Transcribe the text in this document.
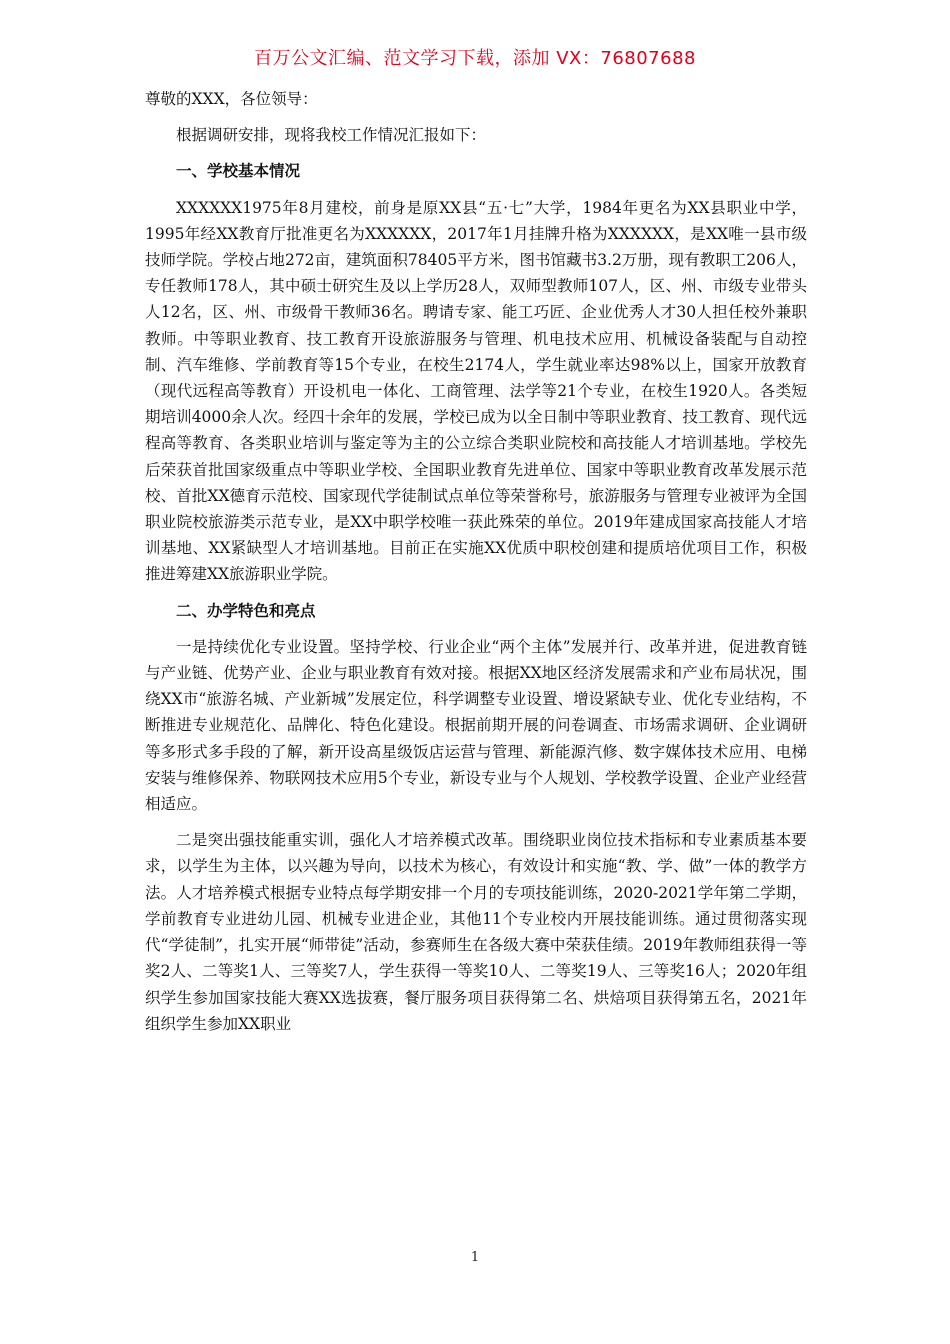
百万公文汇编、范文学习下载，添加 VX：76807688

尊敬的XXX，各位领导：

根据调研安排，现将我校工作情况汇报如下：

一、学校基本情况

XXXXXX1975年8月建校，前身是原XX县“五·七”大学，1984年更名为XX县职业中学，1995年经XX教育厅批准更名为XXXXXX，2017年1月挂牌升格为XXXXXX，是XX唯一县市级技师学院。学校占地272亩，建筑面积78405平方米，图书馆藏书3.2万册，现有教职工206人，专任教师178人，其中硕士研究生及以上学历28人，双师型教师107人，区、州、市级专业带头人12名，区、州、市级骨干教师36名。聘请专家、能工巧匠、企业优秀人才30人担任校外兼职教师。中等职业教育、技工教育开设旅游服务与管理、机电技术应用、机械设备装配与自动控制、汽车维修、学前教育等15个专业，在校生2174人，学生就业率达98%以上，国家开放教育（现代远程高等教育）开设机电一体化、工商管理、法学等21个专业，在校生1920人。各类短期培训4000余人次。经四十余年的发展，学校已成为以全日制中等职业教育、技工教育、现代远程高等教育、各类职业培训与鉴定等为主的公立综合类职业院校和高技能人才培训基地。学校先后荣获首批国家级重点中等职业学校、全国职业教育先进单位、国家中等职业教育改革发展示范校、首批XX德育示范校、国家现代学徒制试点单位等荣誉称号，旅游服务与管理专业被评为全国职业院校旅游类示范专业，是XX中职学校唯一获此殊荣的单位。2019年建成国家高技能人才培训基地、XX紧缺型人才培训基地。目前正在实施XX优质中职校创建和提质培优项目工作，积极推进筹建XX旅游职业学院。

二、办学特色和亮点

一是持续优化专业设置。坚持学校、行业企业“两个主体”发展并行、改革并进，促进教育链与产业链、优势产业、企业与职业教育有效对接。根据XX地区经济发展需求和产业布局状况，围绕XX市“旅游名城、产业新城”发展定位，科学调整专业设置、增设紧缺专业、优化专业结构，不断推进专业规范化、品牌化、特色化建设。根据前期开展的问卷调查、市场需求调研、企业调研等多形式多手段的了解，新开设高星级饭店运营与管理、新能源汽修、数字媒体技术应用、电梯安装与维修保养、物联网技术应用5个专业，新设专业与个人规划、学校教学设置、企业产业经营相适应。

二是突出强技能重实训，强化人才培养模式改革。围绕职业岗位技术指标和专业素质基本要求，以学生为主体，以兴趣为导向，以技术为核心，有效设计和实施“教、学、做”一体的教学方法。人才培养模式根据专业特点每学期安排一个月的专项技能训练，2020-2021学年第二学期，学前教育专业进幼儿园、机械专业进企业，其他11个专业校内开展技能训练。通过贯彻落实现代“学徒制”，扎实开展“师带徒”活动，参赛师生在各级大赛中荣获佳绩。2019年教师组获得一等奖2人、二等奖1人、三等奖7人，学生获得一等奖10人、二等奖19人、三等奖16人；2020年组织学生参加国家技能大赛XX选拔赛，餐厅服务项目获得第二名、烘焙项目获得第五名，2021年组织学生参加XX职业

1
